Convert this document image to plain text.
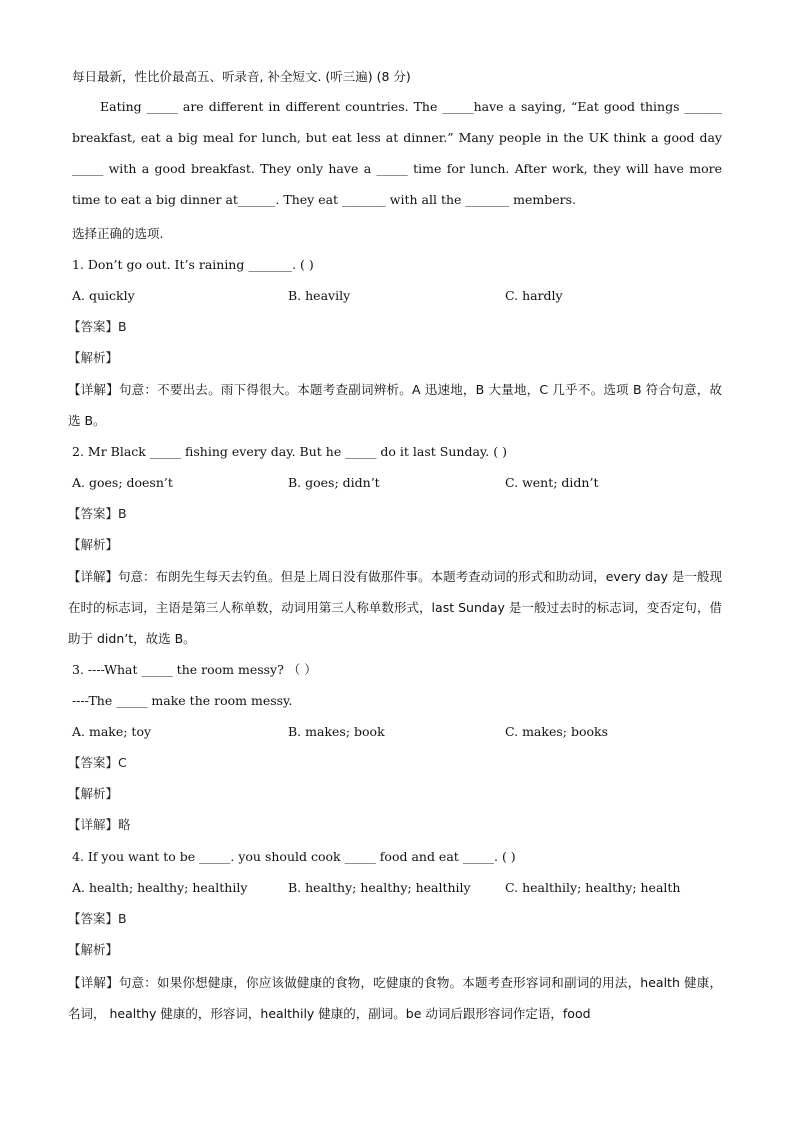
每日最新，性比价最高五、听录音, 补全短文. (听三遍) (8 分)
Eating _____ are different in different countries. The _____have a saying, “Eat good things ______ breakfast, eat a big meal for lunch, but eat less at dinner.” Many people in the UK think a good day _____ with a good breakfast. They only have a _____ time for lunch. After work, they will have more time to eat a big dinner at______. They eat _______ with all the _______ members.
选择正确的选项.
1. Don’t go out. It’s raining _______. ( )
A. quickly	B. heavily	C. hardly
【答案】B
【解析】
【详解】句意：不要出去。雨下得很大。本题考查副词辨析。A 迅速地，B 大量地，C 几乎不。选项 B 符合句意，故选 B。
2. Mr Black _____ fishing every day. But he _____ do it last Sunday. ( )
A. goes; doesn’t	B. goes; didn’t	C. went; didn’t
【答案】B
【解析】
【详解】句意：布朗先生每天去钓鱼。但是上周日没有做那件事。本题考查动词的形式和助动词，every day 是一般现在时的标志词，主语是第三人称单数，动词用第三人称单数形式，last Sunday 是一般过去时的标志词，变否定句，借助于 didn’t，故选 B。
3. ----What _____ the room messy? （ ）
----The _____ make the room messy.
A. make; toy	B. makes; book	C. makes; books
【答案】C
【解析】
【详解】略
4. If you want to be _____. you should cook _____ food and eat _____. ( )
A. health; healthy; healthily	B. healthy; healthy; healthily	C. healthily; healthy; health
【答案】B
【解析】
【详解】句意：如果你想健康，你应该做健康的食物，吃健康的食物。本题考查形容词和副词的用法，health 健康，名词， healthy 健康的，形容词，healthily 健康的，副词。be 动词后跟形容词作定语，food
